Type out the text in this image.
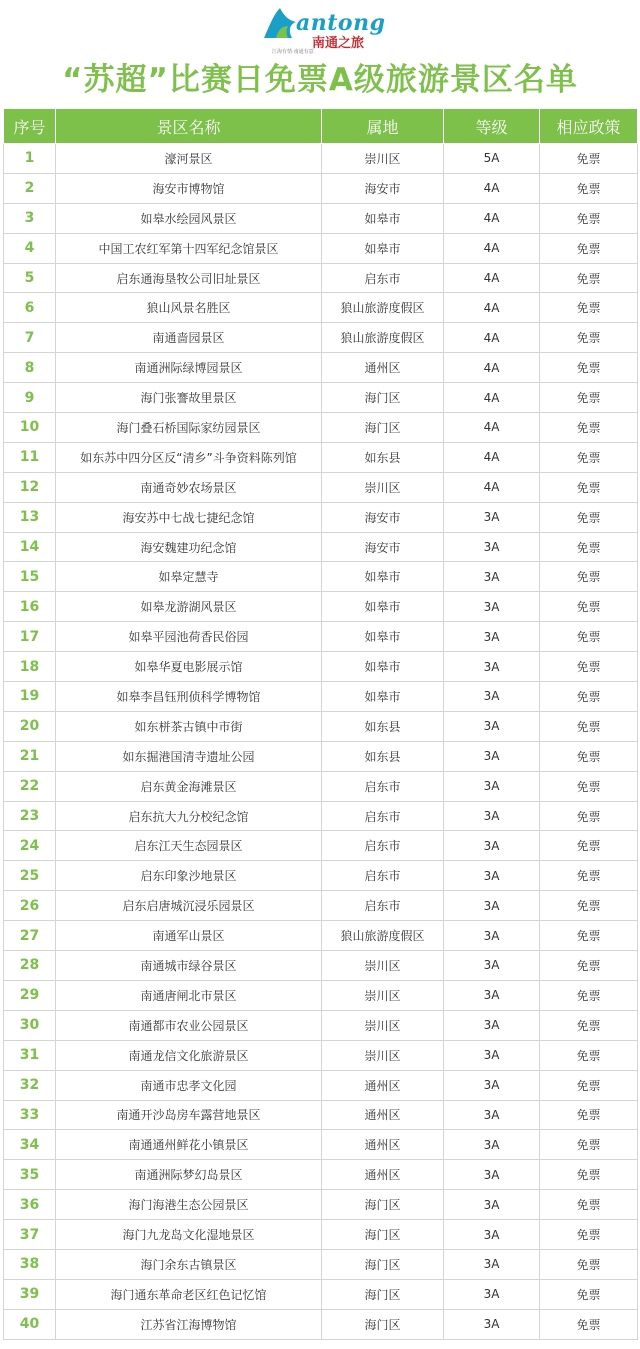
antong
南通之旅
江海有情·南通有意
“苏超”比赛日免票A级旅游景区名单
序号	景区名称	属地	等级	相应政策
1	濠河景区	崇川区	5A	免票
2	海安市博物馆	海安市	4A	免票
3	如皋水绘园风景区	如皋市	4A	免票
4	中国工农红军第十四军纪念馆景区	如皋市	4A	免票
5	启东通海垦牧公司旧址景区	启东市	4A	免票
6	狼山风景名胜区	狼山旅游度假区	4A	免票
7	南通啬园景区	狼山旅游度假区	4A	免票
8	南通洲际绿博园景区	通州区	4A	免票
9	海门张謇故里景区	海门区	4A	免票
10	海门叠石桥国际家纺园景区	海门区	4A	免票
11	如东苏中四分区反“清乡”斗争资料陈列馆	如东县	4A	免票
12	南通奇妙农场景区	崇川区	4A	免票
13	海安苏中七战七捷纪念馆	海安市	3A	免票
14	海安魏建功纪念馆	海安市	3A	免票
15	如皋定慧寺	如皋市	3A	免票
16	如皋龙游湖风景区	如皋市	3A	免票
17	如皋平园池荷香民俗园	如皋市	3A	免票
18	如皋华夏电影展示馆	如皋市	3A	免票
19	如皋李昌钰刑侦科学博物馆	如皋市	3A	免票
20	如东栟茶古镇中市街	如东县	3A	免票
21	如东掘港国清寺遗址公园	如东县	3A	免票
22	启东黄金海滩景区	启东市	3A	免票
23	启东抗大九分校纪念馆	启东市	3A	免票
24	启东江天生态园景区	启东市	3A	免票
25	启东印象沙地景区	启东市	3A	免票
26	启东启唐城沉浸乐园景区	启东市	3A	免票
27	南通军山景区	狼山旅游度假区	3A	免票
28	南通城市绿谷景区	崇川区	3A	免票
29	南通唐闸北市景区	崇川区	3A	免票
30	南通都市农业公园景区	崇川区	3A	免票
31	南通龙信文化旅游景区	崇川区	3A	免票
32	南通市忠孝文化园	通州区	3A	免票
33	南通开沙岛房车露营地景区	通州区	3A	免票
34	南通通州鲜花小镇景区	通州区	3A	免票
35	南通洲际梦幻岛景区	通州区	3A	免票
36	海门海港生态公园景区	海门区	3A	免票
37	海门九龙岛文化湿地景区	海门区	3A	免票
38	海门余东古镇景区	海门区	3A	免票
39	海门通东革命老区红色记忆馆	海门区	3A	免票
40	江苏省江海博物馆	海门区	3A	免票
